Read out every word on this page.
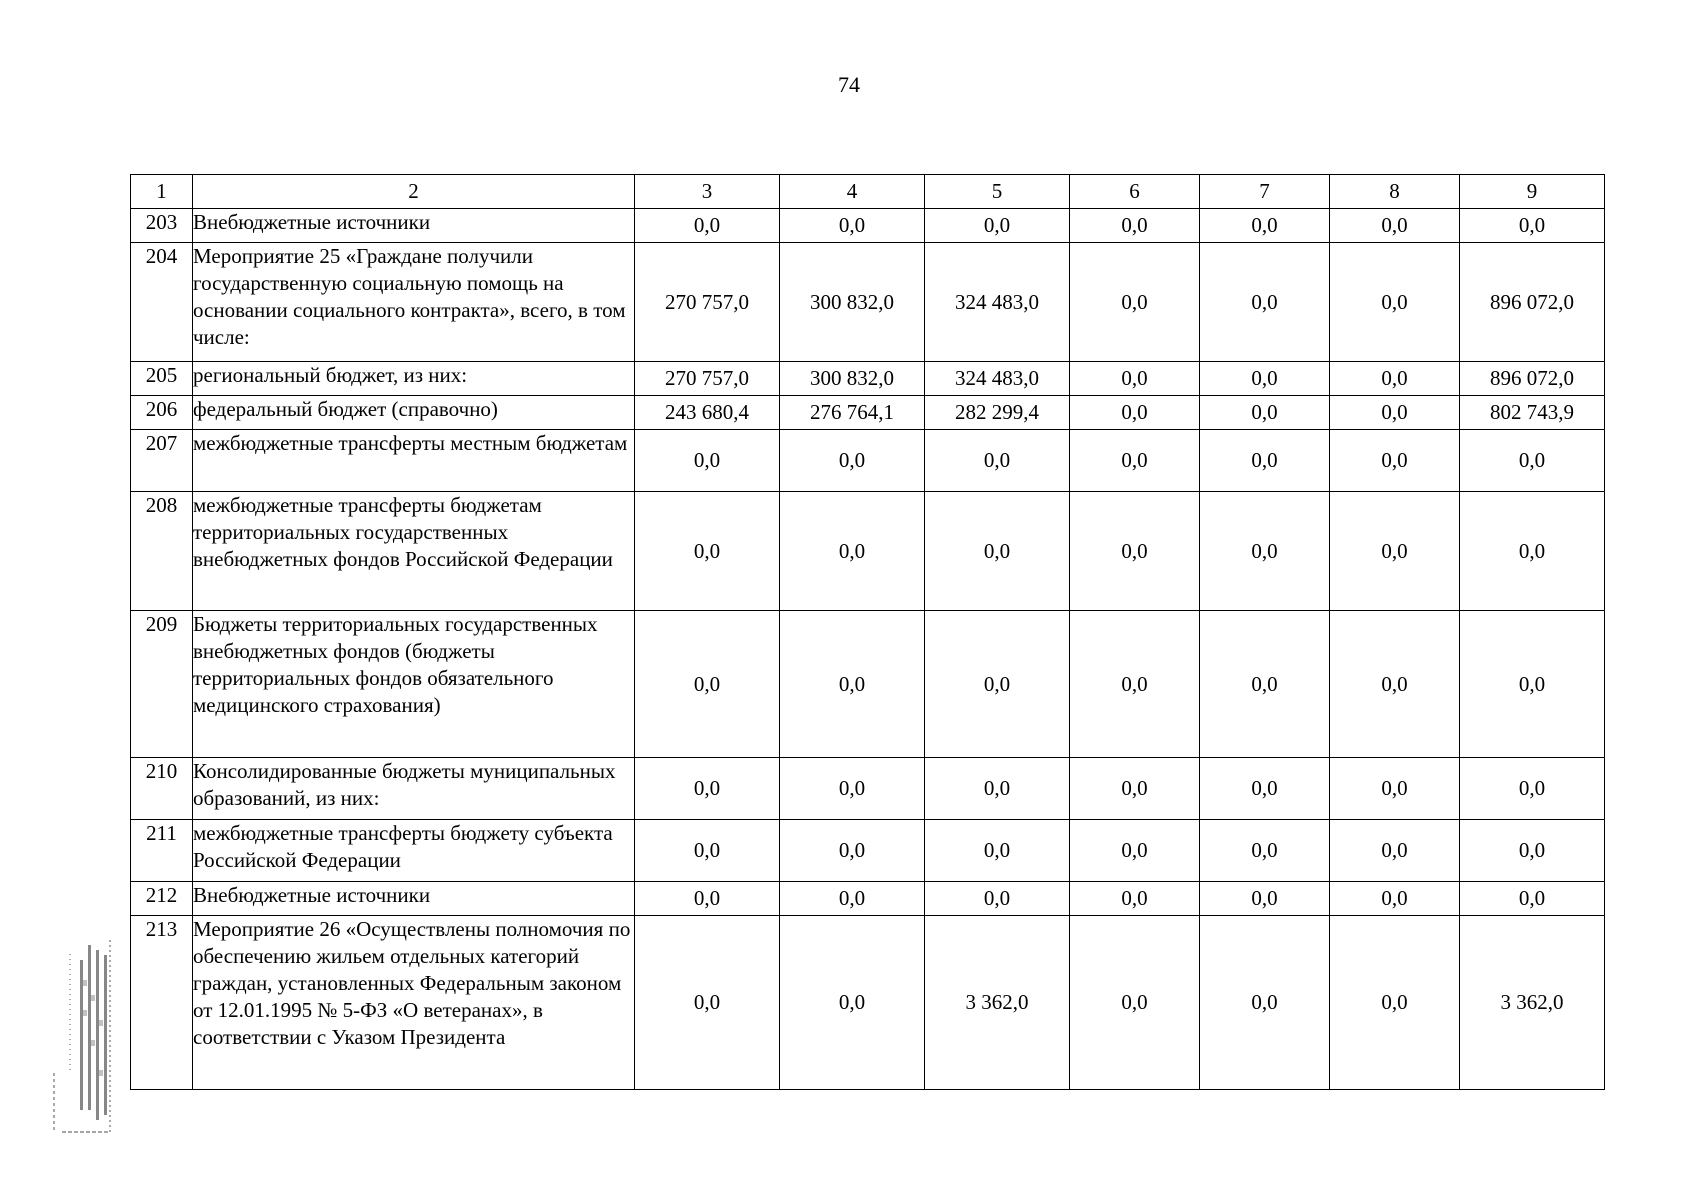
74
1	2	3	4	5	6	7	8	9
203	Внебюджетные источники	0,0	0,0	0,0	0,0	0,0	0,0	0,0
204	Мероприятие 25 «Граждане получили государственную социальную помощь на основании социального контракта», всего, в том числе:	270 757,0	300 832,0	324 483,0	0,0	0,0	0,0	896 072,0
205	региональный бюджет, из них:	270 757,0	300 832,0	324 483,0	0,0	0,0	0,0	896 072,0
206	федеральный бюджет (справочно)	243 680,4	276 764,1	282 299,4	0,0	0,0	0,0	802 743,9
207	межбюджетные трансферты местным бюджетам	0,0	0,0	0,0	0,0	0,0	0,0	0,0
208	межбюджетные трансферты бюджетам территориальных государственных внебюджетных фондов Российской Федерации	0,0	0,0	0,0	0,0	0,0	0,0	0,0
209	Бюджеты территориальных государственных внебюджетных фондов (бюджеты территориальных фондов обязательного медицинского страхования)	0,0	0,0	0,0	0,0	0,0	0,0	0,0
210	Консолидированные бюджеты муниципальных образований, из них:	0,0	0,0	0,0	0,0	0,0	0,0	0,0
211	межбюджетные трансферты бюджету субъекта Российской Федерации	0,0	0,0	0,0	0,0	0,0	0,0	0,0
212	Внебюджетные источники	0,0	0,0	0,0	0,0	0,0	0,0	0,0
213	Мероприятие 26 «Осуществлены полномочия по обеспечению жильем отдельных категорий граждан, установленных Федеральным законом от 12.01.1995 № 5-ФЗ «О ветеранах», в соответствии с Указом Президента	0,0	0,0	3 362,0	0,0	0,0	0,0	3 362,0
